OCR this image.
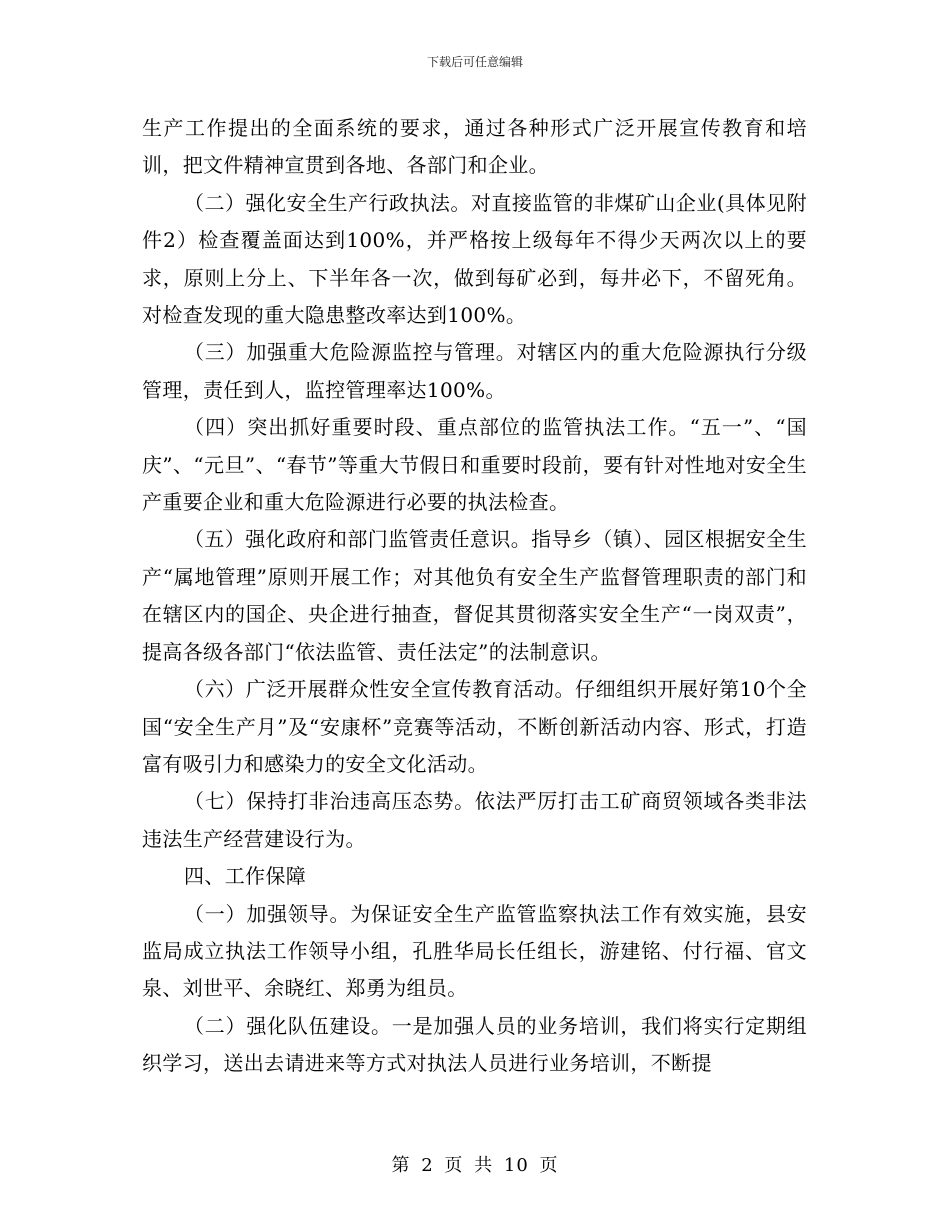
下载后可任意编辑

生产工作提出的全面系统的要求，通过各种形式广泛开展宣传教育和培训，把文件精神宣贯到各地、各部门和企业。

（二）强化安全生产行政执法。对直接监管的非煤矿山企业(具体见附件2）检查覆盖面达到100%，并严格按上级每年不得少天两次以上的要求，原则上分上、下半年各一次，做到每矿必到，每井必下，不留死角。对检查发现的重大隐患整改率达到100%。

（三）加强重大危险源监控与管理。对辖区内的重大危险源执行分级管理，责任到人，监控管理率达100%。

（四）突出抓好重要时段、重点部位的监管执法工作。“五一”、“国庆”、“元旦”、“春节”等重大节假日和重要时段前，要有针对性地对安全生产重要企业和重大危险源进行必要的执法检查。

（五）强化政府和部门监管责任意识。指导乡（镇）、园区根据安全生产“属地管理”原则开展工作；对其他负有安全生产监督管理职责的部门和在辖区内的国企、央企进行抽查，督促其贯彻落实安全生产“一岗双责”，提高各级各部门“依法监管、责任法定”的法制意识。

（六）广泛开展群众性安全宣传教育活动。仔细组织开展好第10个全国“安全生产月”及“安康杯”竞赛等活动，不断创新活动内容、形式，打造富有吸引力和感染力的安全文化活动。

（七）保持打非治违高压态势。依法严厉打击工矿商贸领域各类非法违法生产经营建设行为。

四、工作保障

（一）加强领导。为保证安全生产监管监察执法工作有效实施，县安监局成立执法工作领导小组，孔胜华局长任组长，游建铭、付行福、官文泉、刘世平、余晓红、郑勇为组员。

（二）强化队伍建设。一是加强人员的业务培训，我们将实行定期组织学习，送出去请进来等方式对执法人员进行业务培训，不断提

第 2 页 共 10 页
